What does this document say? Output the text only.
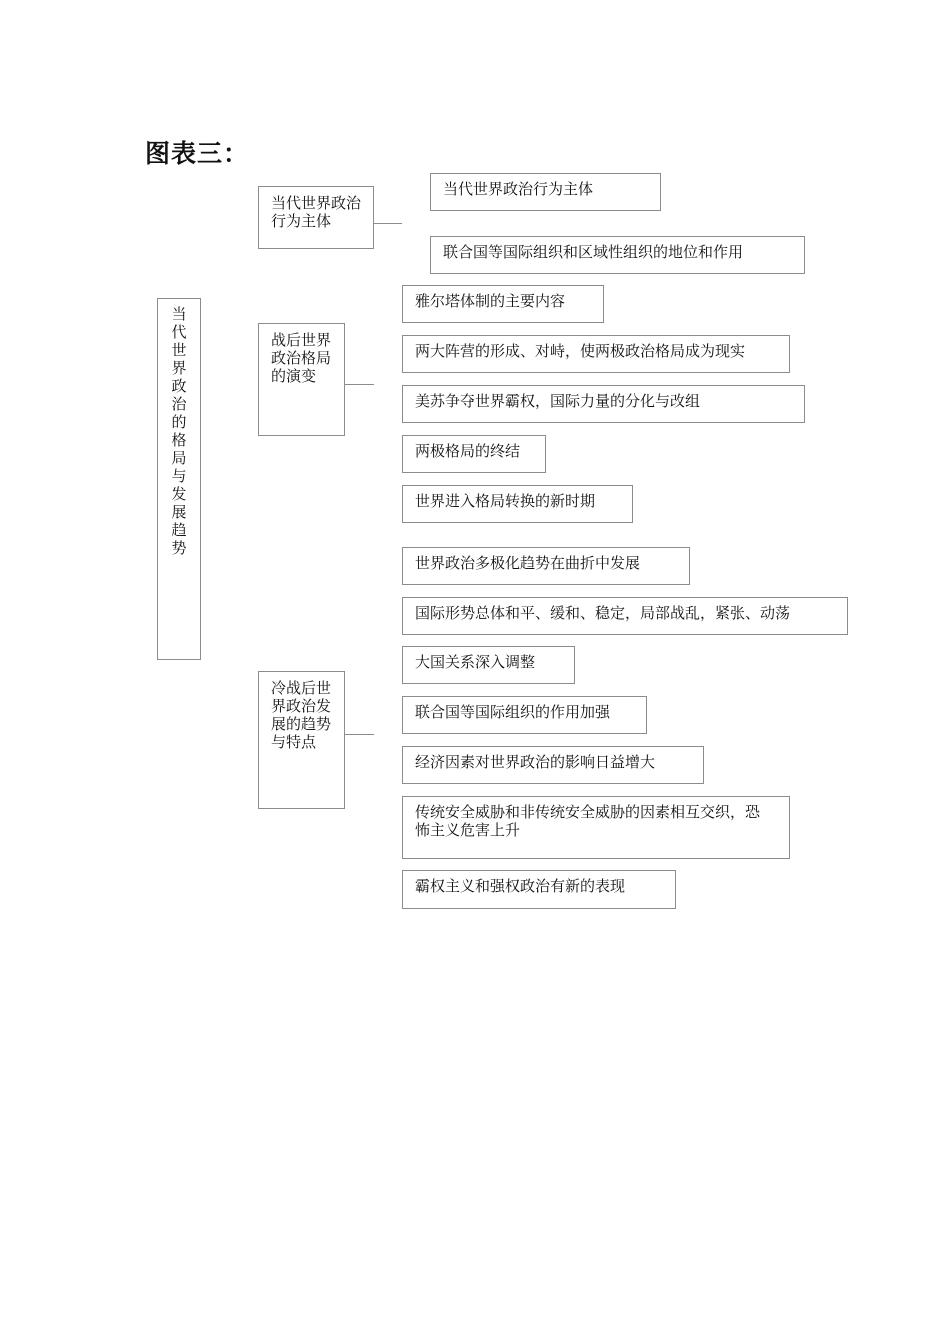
图表三：
当代世界政治的格局与发展趋势
当代世界政治行为主体
当代世界政治行为主体
联合国等国际组织和区域性组织的地位和作用
战后世界政治格局的演变
雅尔塔体制的主要内容
两大阵营的形成、对峙，使两极政治格局成为现实
美苏争夺世界霸权，国际力量的分化与改组
两极格局的终结
世界进入格局转换的新时期
冷战后世界政治发展的趋势与特点
世界政治多极化趋势在曲折中发展
国际形势总体和平、缓和、稳定，局部战乱，紧张、动荡
大国关系深入调整
联合国等国际组织的作用加强
经济因素对世界政治的影响日益增大
传统安全威胁和非传统安全威胁的因素相互交织，恐怖主义危害上升
霸权主义和强权政治有新的表现
